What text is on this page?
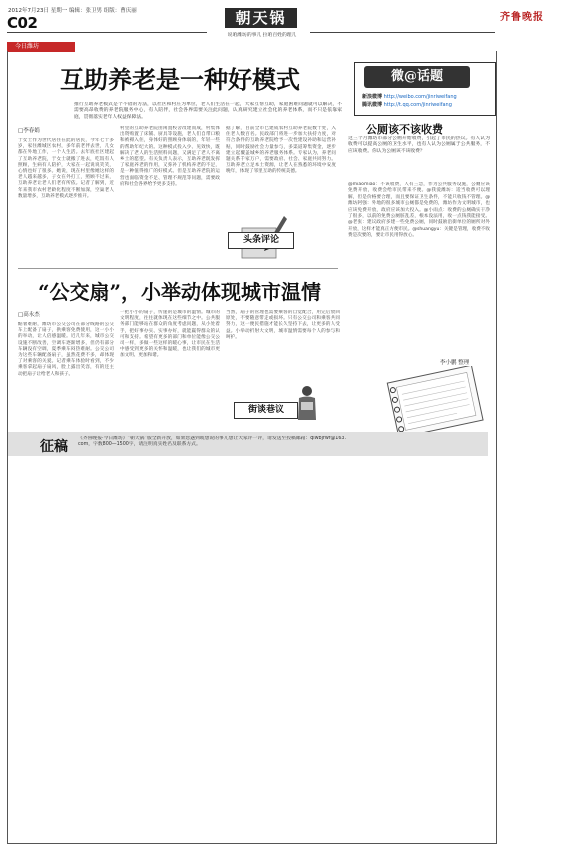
2012年7月23日 星期一 编辑：张卫男 组版：曹庆丽
C02	朝天锅
说咱潍坊的事儿 拉咱百姓的理儿
齐鲁晚报
今日潍坊
互助养老是一种好模式
推行互助养老模式是个不错的方法，以社区和村庄为单位，老人们生活在一起，大家互帮互助，家庭困难问题就可以解决，不需要高昂收费的养老院服务中心，有人陪伴，社会各界需要关注此问题，认真研究建立社会化的养老体系，而不只是依靠家庭，贯彻落实老年人权益保障法。
□李春娟
于女士作为世代居住在此的居民，今年七十多岁，家住潍城区农村，多年前老伴去世，儿女都在外地工作，一个人生活。去年底社区建起了互助养老院，于女士就搬了进去，吃饭有人照顾，生病有人陪护，大家在一起说说笑笑，心情也好了很多。她说，现在村里像她这样的老人越来越多，子女在外打工，照顾不过来，互助养老让老人们老有所依。记者了解到，近年来我市农村老龄化程度不断加深，空巢老人数量增多，互助养老模式逐步推开。
村里的互助养老院由闲置校舍改建而成，村集体出资购置了床铺、厨具等设施，老人们自带口粮和被褥入住，身体好的照顾身体弱的，年轻一些的帮助年纪大的。这种模式投入少、见效快，既解决了老人的生活照料问题，又满足了老人不离乡土的愿望。有关负责人表示，互助养老既发挥了家庭养老的作用，又弥补了机构养老的不足，是一种值得推广的好模式。但是互助养老院的运营也面临资金不足、管理不规范等问题，需要政府和社会各界给予更多支持。
据了解，目前全市已建成农村互助养老院数十处，入住老人数百名。民政部门将进一步加大扶持力度，对符合条件的互助养老院给予一次性建设补助和运营补贴，同时鼓励社会力量参与，多渠道筹集资金，逐步建立起覆盖城乡的养老服务体系。专家认为，养老问题关系千家万户，需要政府、社会、家庭共同努力。互助养老立足本土资源，让老人在熟悉的环境中安度晚年，体现了邻里互助的传统美德。
头条评论
“公交扇”，小举动体现城市温情
□高永杰
酷暑难耐，潍坊市公交公司在部分线路的公交车上配备了扇子，供乘客免费使用，这一小小的举动，让人倍感温暖。近几年来，城市公交设施不断改善，空调车逐渐增多，但仍有部分车辆没有空调，夏季乘车闷热难耐。公交公司为这些车辆配备扇子，虽然花费不多，却体现了对乘客的关爱。记者乘车体验时看到，不少乘客拿起扇子扇风，脸上露出笑容，有的还主动把扇子让给老人和孩子。
一把小小的扇子，传递的是城市的温情。城市的文明程度，往往就体现在这些细节之中。公共服务部门能够站在群众的角度考虑问题，从小处着手，把好事办实、实事办好，就能赢得群众的认可和支持。希望有更多的部门和单位能像公交公司一样，多做一些这样的暖心事，让市民在生活中感受到更多的关怀和温暖，也让我们的城市更加文明、更加和谐。
当然，扇子的管理也需要乘客的自觉配合，用完后放回原处，不要随意带走或损坏。只有公交公司和乘客共同努力，这一便民措施才能长久坚持下去，让更多的人受益。小举动折射大文明，城市温情需要每个人的参与和呵护。
街谈巷议
微@话题
新浪微博 http://weibo.com/jinriweifang
腾讯微博 http://t.qq.com/jinriweifang
公厕该不该收费
这三个月潍坊市部分公厕开始收费，引起了市民的热议。有人认为收费可以提高公厕的卫生水平，也有人认为公厕属于公共服务，不应该收费。你认为公厕该不该收费？
@miaomiao：不该收费，人有三急，作为公共服务设施，公厕应该免费开放，收费会给市民带来不便。@我爱潍坊：适当收费可以理解，但是价格要合理，而且要保证卫生条件，不能只收钱不管理。@潍坊阿强：外地的很多城市公厕都是免费的，潍坊作为文明城市，也应该免费开放，政府应该加大投入。@小雨点：收费的公厕确实干净了很多，以前的免费公厕脏乱差，根本没法用，收一点钱我能接受。@老张：建议政府多建一些免费公厕，同时鼓励沿街单位的厕所对外开放，这样才能真正方便市民。@shuangyu：关键是管理，收费不收费是次要的，要让市民用得放心。
李小鹏 整理
征稿
《齐鲁晚报·今日潍坊》“朝天锅”版全新开放，如果您遇到或想说的事儿想让大家评一评，请发送至投稿邮箱：qlwbjrwf@163.com，字数800—1500字，请注明真实姓名及联系方式。
